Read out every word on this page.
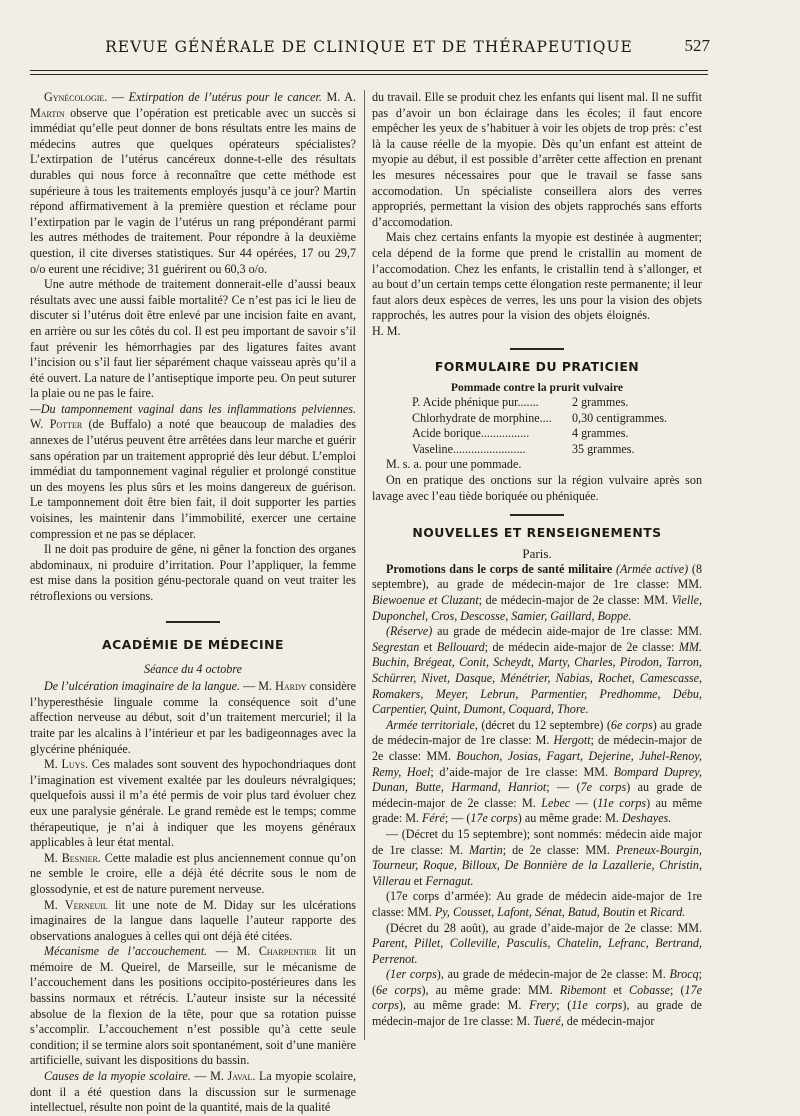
REVUE GÉNÉRALE DE CLINIQUE ET DE THÉRAPEUTIQUE	527

Gynécologie. — Extirpation de l’utérus pour le cancer. M. A. Martin observe que l’opération est preticable avec un succès si immédiat qu’elle peut donner de bons résultats entre les mains de médecins autres que quelques opérateurs spécialistes? L’extirpation de l’utérus cancéreux donne-t-elle des résultats durables qui nous force à reconnaître que cette méthode est supérieure à tous les traitements employés jusqu’à ce jour? Martin répond affirmativement à la première question et réclame pour l’extirpation par le vagin de l’utérus un rang prépondérant parmi les autres méthodes de traitement. Pour répondre à la deuxième question, il cite diverses statistiques. Sur 44 opérées, 17 ou 29,7 o/o eurent une récidive; 31 guérirent ou 60,3 o/o.

Une autre méthode de traitement donnerait-elle d’aussi beaux résultats avec une aussi faible mortalité? Ce n’est pas ici le lieu de discuter si l’utérus doit être enlevé par une incision faite en avant, en arrière ou sur les côtés du col. Il est peu important de savoir s’il faut prévenir les hémorrhagies par des ligatures faites avant l’incision ou s’il faut lier séparément chaque vaisseau après qu’il a été ouvert. La nature de l’antiseptique importe peu. On peut suturer la plaie ou ne pas le faire.

—Du tamponnement vaginal dans les inflammations pelviennes. W. Potter (de Buffalo) a noté que beaucoup de maladies des annexes de l’utérus peuvent être arrêtées dans leur marche et guérir sans opération par un traitement approprié dès leur début. L’emploi immédiat du tamponnement vaginal régulier et prolongé constitue un des moyens les plus sûrs et les moins dangereux de guérison. Le tamponnement doit être bien fait, il doit supporter les parties voisines, les maintenir dans l’immobilité, exercer une certaine compression et ne pas se déplacer.

Il ne doit pas produire de gêne, ni gêner la fonction des organes abdominaux, ni produire d’irritation. Pour l’appliquer, la femme est mise dans la position génu-pectorale quand on veut traiter les rétroflexions ou versions.

ACADÉMIE DE MÉDECINE

Séance du 4 octobre

De l’ulcération imaginaire de la langue. — M. Hardy considère l’hyperesthésie linguale comme la conséquence soit d’une affection nerveuse au début, soit d’un traitement mercuriel; il la traite par les alcalins à l’intérieur et par les badigeonnages avec la glycérine phéniquée.

M. Luys. Ces malades sont souvent des hypochondriaques dont l’imagination est vivement exaltée par les douleurs névralgiques; quelquefois aussi il m’a été permis de voir plus tard évoluer chez eux une paralysie générale. Le grand remède est le temps; comme thérapeutique, je n’ai à indiquer que les moyens généraux applicables à leur état mental.

M. Besnier. Cette maladie est plus anciennement connue qu’on ne semble le croire, elle a déjà été décrite sous le nom de glossodynie, et est de nature purement nerveuse.

M. Verneuil lit une note de M. Diday sur les ulcérations imaginaires de la langue dans laquelle l’auteur rapporte des observations analogues à celles qui ont déjà été citées.

Mécanisme de l’accouchement. — M. Charpentier lit un mémoire de M. Queirel, de Marseille, sur le mécanisme de l’accouchement dans les positions occipito-postérieures dans les bassins normaux et rétrécis. L’auteur insiste sur la nécessité absolue de la flexion de la tête, pour que sa rotation puisse s’accomplir. L’accouchement n’est possible qu’à cette seule condition; il se termine alors soit spontanément, soit d’une manière artificielle, suivant les dispositions du bassin.

Causes de la myopie scolaire. — M. Javal. La myopie scolaire, dont il a été question dans la discussion sur le surmenage intellectuel, résulte non point de la quantité, mais de la qualité

du travail. Elle se produit chez les enfants qui lisent mal. Il ne suffit pas d’avoir un bon éclairage dans les écoles; il faut encore empêcher les yeux de s’habituer à voir les objets de trop près: c’est là la cause réelle de la myopie. Dès qu’un enfant est atteint de myopie au début, il est possible d’arrêter cette affection en prenant les mesures nécessaires pour que le travail se fasse sans accomodation. Un spécialiste conseillera alors des verres appropriés, permettant la vision des objets rapprochés sans efforts d’accomodation.

Mais chez certains enfants la myopie est destinée à augmenter; cela dépend de la forme que prend le cristallin au moment de l’accomodation. Chez les enfants, le cristallin tend à s’allonger, et au bout d’un certain temps cette élongation reste permanente; il leur faut alors deux espèces de verres, les uns pour la vision des objets rapprochés, les autres pour la vision des objets éloignés. H. M.

FORMULAIRE DU PRATICIEN

Pommade contre la prurit vulvaire

P. Acide phénique pur.......	2 grammes.
Chlorhydrate de morphine....	0,30 centigrammes.
Acide borique................	4 grammes.
Vaseline........................	35 grammes.

M. s. a. pour une pommade.

On en pratique des onctions sur la région vulvaire après son lavage avec l’eau tiède boriquée ou phéniquée.

NOUVELLES ET RENSEIGNEMENTS

Paris.

Promotions dans le corps de santé militaire (Armée active) (8 septembre), au grade de médecin-major de 1re classe: MM. Biewoenue et Cluzant; de médecin-major de 2e classe: MM. Vielle, Duponchel, Cros, Descosse, Samier, Gaillard, Boppe.

(Réserve) au grade de médecin aide-major de 1re classe: MM. Segrestan et Bellouard; de médecin aide-major de 2e classe: MM. Buchin, Brégeat, Conit, Scheydt, Marty, Charles, Pirodon, Tarron, Schürrer, Nivet, Dasque, Ménétrier, Nabias, Rochet, Camescasse, Romakers, Meyer, Lebrun, Parmentier, Predhomme, Débu, Carpentier, Quint, Dumont, Coquard, Thore.

Armée territoriale, (décret du 12 septembre) (6e corps) au grade de médecin-major de 1re classe: M. Hergott; de médecin-major de 2e classe: MM. Bouchon, Josias, Fagart, Dejerine, Juhel-Renoy, Remy, Hoel; d’aide-major de 1re classe: MM. Bompard Duprey, Dunan, Butte, Harmand, Hanriot; — (7e corps) au grade de médecin-major de 2e classe: M. Lebec — (11e corps) au même grade: M. Féré; — (17e corps) au même grade: M. Deshayes.

— (Décret du 15 septembre); sont nommés: médecin aide major de 1re classe: M. Martin; de 2e classe: MM. Preneux-Bourgin, Tourneur, Roque, Billoux, De Bonnière de la Lazallerie, Christin, Villerau et Fernagut.

(17e corps d’armée): Au grade de médecin aide-major de 1re classe: MM. Py, Cousset, Lafont, Sénat, Batud, Boutin et Ricard.

(Décret du 28 août), au grade d’aide-major de 2e classe: MM. Parent, Pillet, Colleville, Pasculis, Chatelin, Lefranc, Bertrand, Perrenot.

(1er corps), au grade de médecin-major de 2e classe: M. Brocq; (6e corps), au même grade: MM. Ribemont et Cobasse; (17e corps), au même grade: M. Frery; (11e corps), au grade de médecin-major de 1re classe: M. Tueré, de médecin-major
